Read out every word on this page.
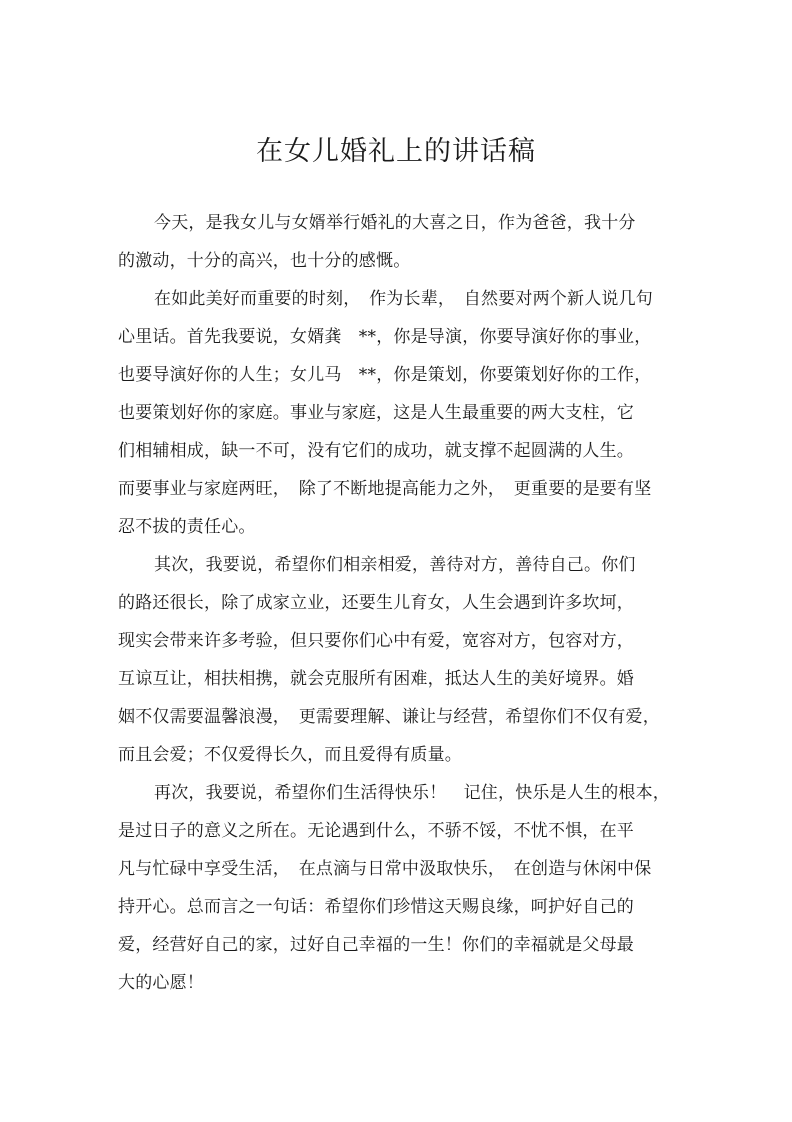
在女儿婚礼上的讲话稿
今天，是我女儿与女婿举行婚礼的大喜之日，作为爸爸，我十分
的激动，十分的高兴，也十分的感慨。
在如此美好而重要的时刻，　作为长辈，　自然要对两个新人说几句
心里话。首先我要说，女婿龚　**，你是导演，你要导演好你的事业，
也要导演好你的人生；女儿马　**，你是策划，你要策划好你的工作，
也要策划好你的家庭。事业与家庭，这是人生最重要的两大支柱，它
们相辅相成，缺一不可，没有它们的成功，就支撑不起圆满的人生。
而要事业与家庭两旺，　除了不断地提高能力之外，　更重要的是要有坚
忍不拔的责任心。
其次，我要说，希望你们相亲相爱，善待对方，善待自己。你们
的路还很长，除了成家立业，还要生儿育女，人生会遇到许多坎坷，
现实会带来许多考验，但只要你们心中有爱，宽容对方，包容对方，
互谅互让，相扶相携，就会克服所有困难，抵达人生的美好境界。婚
姻不仅需要温馨浪漫，　更需要理解、谦让与经营，希望你们不仅有爱，
而且会爱；不仅爱得长久，而且爱得有质量。
再次，我要说，希望你们生活得快乐！　记住，快乐是人生的根本，
是过日子的意义之所在。无论遇到什么，不骄不馁，不忧不惧，在平
凡与忙碌中享受生活，　在点滴与日常中汲取快乐，　在创造与休闲中保
持开心。总而言之一句话：希望你们珍惜这天赐良缘，呵护好自己的
爱，经营好自己的家，过好自己幸福的一生！你们的幸福就是父母最
大的心愿！
